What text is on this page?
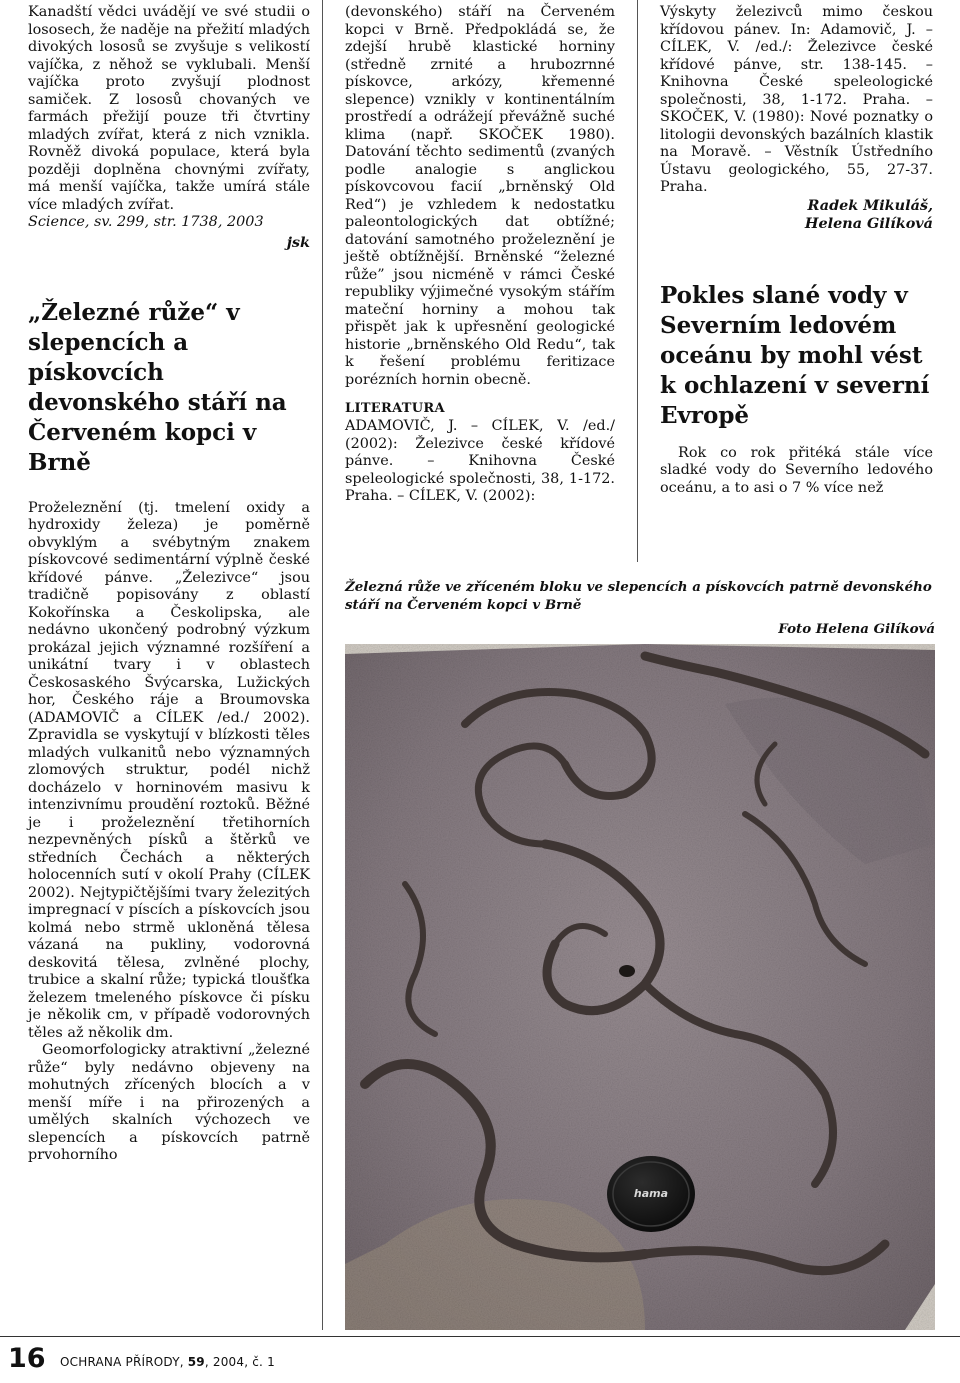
Kanadští vědci uvádějí ve své studii o lososech, že naděje na přežití mladých divokých lososů se zvyšuje s velikostí vajíčka, z něhož se vyklubali. Menší vajíčka proto zvyšují plodnost samiček. Z lososů chovaných ve farmách přežijí pouze tři čtvrtiny mladých zvířat, která z nich vznikla. Rovněž divoká populace, která byla později doplněna chovnými zvířaty, má menší vajíčka, takže umírá stále více mladých zvířat.

Science, sv. 299, str. 1738, 2003

jsk

„Železné růže“ v slepencích a pískovcích devonského stáří na Červeném kopci v Brně

Proželeznění (tj. tmelení oxidy a hydroxidy železa) je poměrně obvyklým a svébytným znakem pískovcové sedimentární výplně české křídové pánve. „Železivce“ jsou tradičně popisovány z oblastí Kokořínska a Českolipska, ale nedávno ukončený podrobný výzkum prokázal jejich významné rozšíření a unikátní tvary i v oblastech Českosaského Švýcarska, Lužických hor, Českého ráje a Broumovska (ADAMOVIČ a CÍLEK /ed./ 2002). Zpravidla se vyskytují v blízkosti těles mladých vulkanitů nebo významných zlomových struktur, podél nichž docházelo v horninovém masivu k intenzivnímu proudění roztoků. Běžné je i proželeznění třetihorních nezpevněných písků a štěrků ve středních Čechách a některých holocenních sutí v okolí Prahy (CÍLEK 2002). Nejtypičtějšími tvary železitých impregnací v píscích a pískovcích jsou kolmá nebo strmě ukloněná tělesa vázaná na pukliny, vodorovná deskovitá tělesa, zvlněné plochy, trubice a skalní růže; typická tloušťka železem tmeleného pískovce či písku je několik cm, v případě vodorovných těles až několik dm.

Geomorfologicky atraktivní „železné růže“ byly nedávno objeveny na mohutných zřícených blocích a v menší míře i na přirozených a umělých skalních výchozech ve slepencích a pískovcích patrně prvohorního

(devonského) stáří na Červeném kopci v Brně. Předpokládá se, že zdejší hrubě klastické horniny (středně zrnité a hrubozrnné pískovce, arkózy, křemenné slepence) vznikly v kontinentálním prostředí a odrážejí převážně suché klima (např. SKOČEK 1980). Datování těchto sedimentů (zvaných podle analogie s anglickou pískovcovou facií „brněnský Old Red“) je vzhledem k nedostatku paleontologických dat obtížné; datování samotného proželeznění je ještě obtížnější. Brněnské “železné růže” jsou nicméně v rámci České republiky výjimečné vysokým stářím mateční horniny a mohou tak přispět jak k upřesnění geologické historie „brněnského Old Redu“, tak k řešení problému feritizace porézních hornin obecně.

LITERATURA

ADAMOVIČ, J. – CÍLEK, V. /ed./ (2002): Železivce české křídové pánve. – Knihovna České speleologické společnosti, 38, 1-172. Praha. – CÍLEK, V. (2002):

Výskyty železivců mimo českou křídovou pánev. In: Adamovič, J. – CÍLEK, V. /ed./: Železivce české křídové pánve, str. 138-145. – Knihovna České speleologické společnosti, 38, 1-172. Praha. – SKOČEK, V. (1980): Nové poznatky o litologii devonských bazálních klastik na Moravě. – Věstník Ústředního Ústavu geologického, 55, 27-37. Praha.

Radek Mikuláš,

Helena Gilíková

Pokles slané vody v Severním ledovém oceánu by mohl vést k ochlazení v severní Evropě

Rok co rok přitéká stále více sladké vody do Severního ledového oceánu, a to asi o 7 % více než

Železná růže ve zříceném bloku ve slepencích a pískovcích patrně devonského stáří na Červeném kopci v Brně

Foto Helena Gilíková

hama
16 OCHRANA PŘÍRODY, 59, 2004, č. 1
